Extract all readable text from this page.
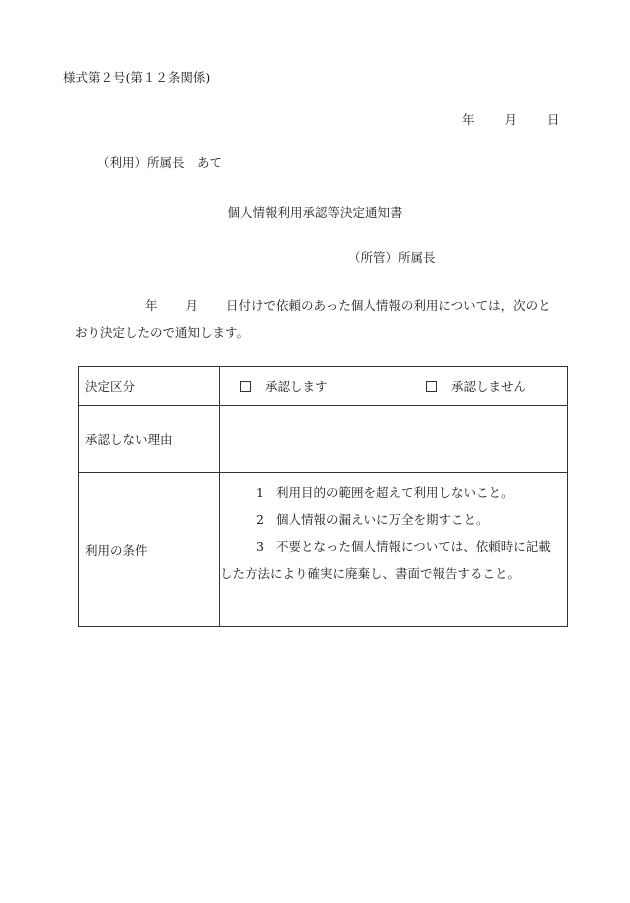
様式第２号(第１２条関係)
年 月 日
（利用）所属長　あて
個人情報利用承認等決定通知書
（所管）所属長
年 月 日付けで依頼のあった個人情報の利用については，次のと
おり決定したので通知します。
決定区分	承認します 承認しません
承認しない理由	
利用の条件	1 利用目的の範囲を超えて利用しないこと。
2 個人情報の漏えいに万全を期すこと。
3 不要となった個人情報については、依頼時に記載
した方法により確実に廃棄し、書面で報告すること。
